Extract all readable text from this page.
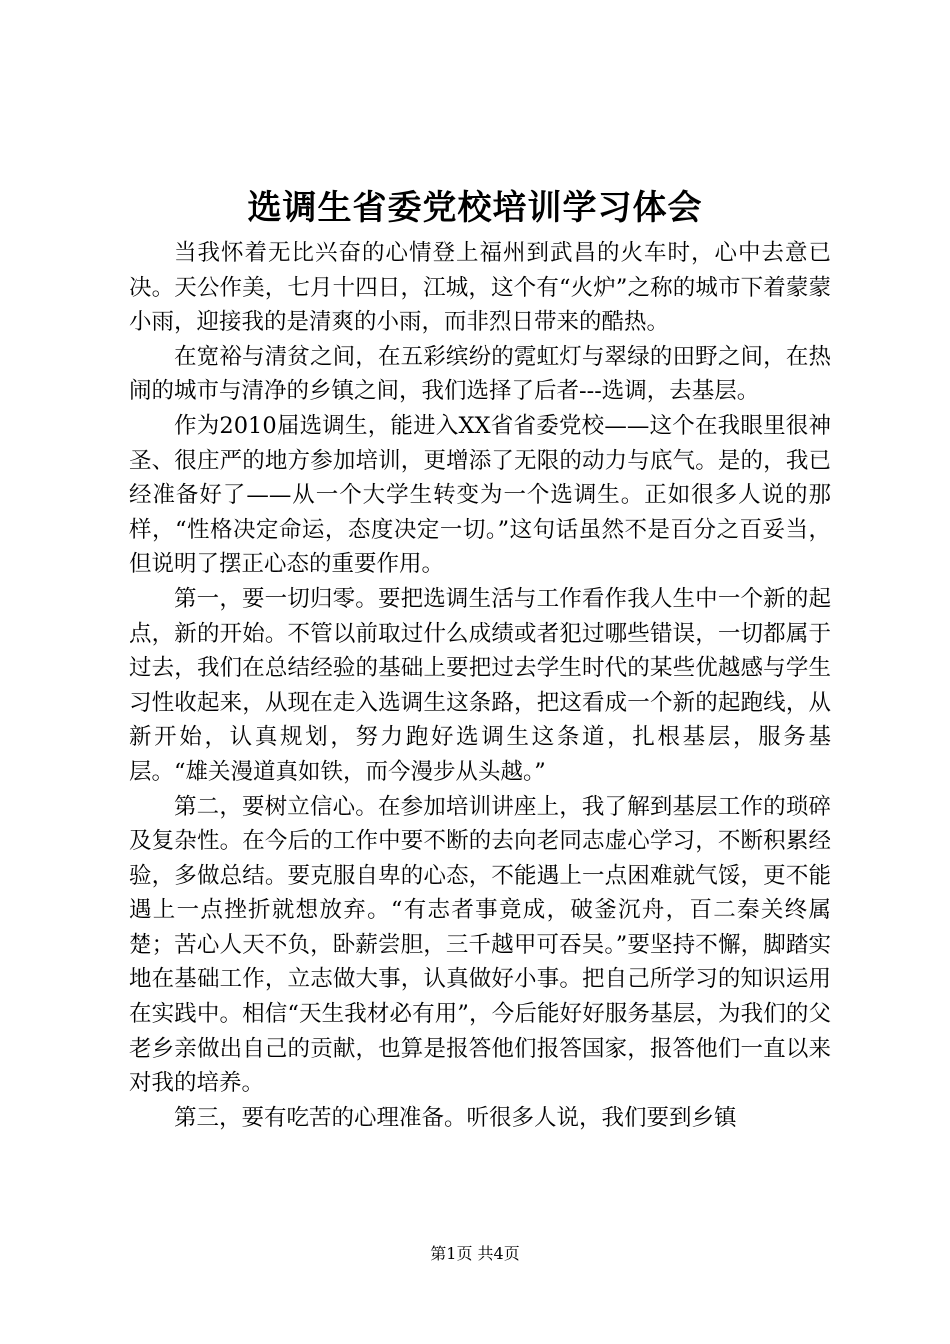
选调生省委党校培训学习体会

当我怀着无比兴奋的心情登上福州到武昌的火车时，心中去意已决。天公作美，七月十四日，江城，这个有“火炉”之称的城市下着蒙蒙小雨，迎接我的是清爽的小雨，而非烈日带来的酷热。

在宽裕与清贫之间，在五彩缤纷的霓虹灯与翠绿的田野之间，在热闹的城市与清净的乡镇之间，我们选择了后者---选调，去基层。

作为2010届选调生，能进入XX省省委党校——这个在我眼里很神圣、很庄严的地方参加培训，更增添了无限的动力与底气。是的，我已经准备好了——从一个大学生转变为一个选调生。正如很多人说的那样，“性格决定命运，态度决定一切。”这句话虽然不是百分之百妥当，但说明了摆正心态的重要作用。

第一，要一切归零。要把选调生活与工作看作我人生中一个新的起点，新的开始。不管以前取过什么成绩或者犯过哪些错误，一切都属于过去，我们在总结经验的基础上要把过去学生时代的某些优越感与学生习性收起来，从现在走入选调生这条路，把这看成一个新的起跑线，从新开始，认真规划，努力跑好选调生这条道，扎根基层，服务基层。“雄关漫道真如铁，而今漫步从头越。”

第二，要树立信心。在参加培训讲座上，我了解到基层工作的琐碎及复杂性。在今后的工作中要不断的去向老同志虚心学习，不断积累经验，多做总结。要克服自卑的心态，不能遇上一点困难就气馁，更不能遇上一点挫折就想放弃。“有志者事竟成，破釜沉舟，百二秦关终属楚；苦心人天不负，卧薪尝胆，三千越甲可吞吴。”要坚持不懈，脚踏实地在基础工作，立志做大事，认真做好小事。把自己所学习的知识运用在实践中。相信“天生我材必有用”，今后能好好服务基层，为我们的父老乡亲做出自己的贡献，也算是报答他们报答国家，报答他们一直以来对我的培养。

第三，要有吃苦的心理准备。听很多人说，我们要到乡镇

第1页 共4页
